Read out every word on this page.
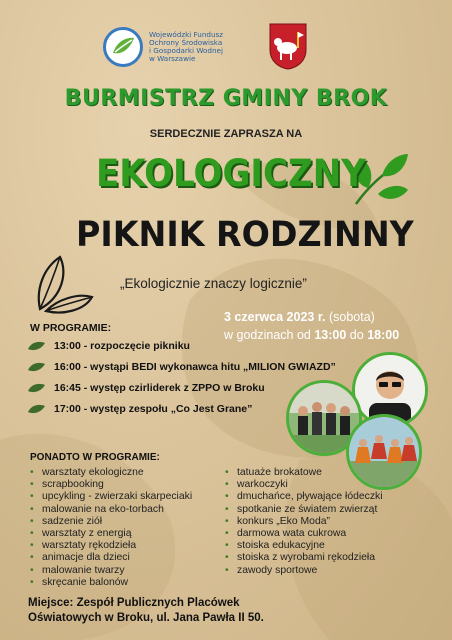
Wojewódzki Fundusz
Ochrony Środowiska
i Gospodarki Wodnej
w Warszawie
BURMISTRZ GMINY BROK
SERDECZNIE ZAPRASZA NA
EKOLOGICZNY
PIKNIK RODZINNY
„Ekologicznie znaczy logicznie”
3 czerwca 2023 r. (sobota)
w godzinach od 13:00 do 18:00
W PROGRAMIE:
13:00 - rozpoczęcie pikniku
16:00 - wystąpi BEDI wykonawca hitu „MILION GWIAZD”
16:45 - występ czirliderek z ZPPO w Broku
17:00 - występ zespołu „Co Jest Grane”
PONADTO W PROGRAMIE:
• warsztaty ekologiczne
• scrapbooking
• upcykling - zwierzaki skarpeciaki
• malowanie na eko-torbach
• sadzenie ziół
• warsztaty z energią
• warsztaty rękodzieła
• animacje dla dzieci
• malowanie twarzy
• skręcanie balonów
• tatuaże brokatowe
• warkoczyki
• dmuchańce, pływające łódeczki
• spotkanie ze światem zwierząt
• konkurs „Eko Moda”
• darmowa wata cukrowa
• stoiska edukacyjne
• stoiska z wyrobami rękodzieła
• zawody sportowe
Miejsce: Zespół Publicznych Placówek
Oświatowych w Broku, ul. Jana Pawła II 50.
